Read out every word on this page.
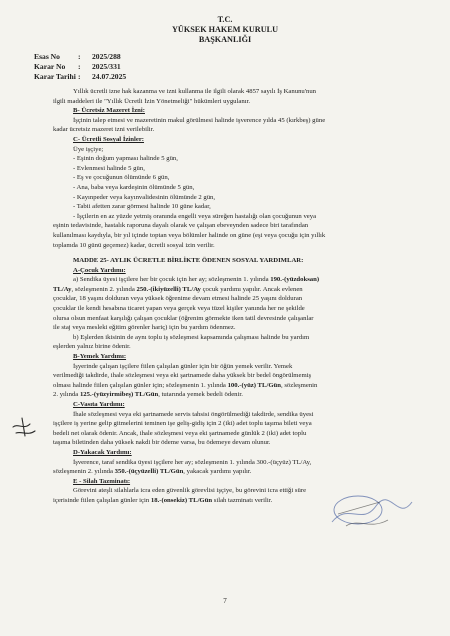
T.C.
YÜKSEK HAKEM KURULU
BAŞKANLIĞI
Esas No : 2025/288
Karar No : 2025/331
Karar Tarihi : 24.07.2025

Yıllık ücretli izne hak kazanma ve izni kullanma ile ilgili olarak 4857 sayılı İş Kanunu'nun

ilgili maddeleri ile "Yıllık Ücretli İzin Yönetmeliği" hükümleri uygulanır.

B- Ücretsiz Mazeret İzni:

İşçinin talep etmesi ve mazeretinin makul görülmesi halinde işverence yılda 45 (kırkbeş) güne

kadar ücretsiz mazeret izni verilebilir.

C- Ücretli Sosyal İzinler:

Üye işçiye;

- Eşinin doğum yapması halinde 5 gün,

- Evlenmesi halinde 5 gün,

- Eş ve çocuğunun ölümünde 6 gün,

- Ana, baba veya kardeşinin ölümünde 5 gün,

- Kayınpeder veya kayınvalidesinin ölümünde 2 gün,

- Tabii afetten zarar görmesi halinde 10 güne kadar,

- İşçilerin en az yüzde yetmiş oranında engelli veya süreğen hastalığı olan çocuğunun veya

eşinin tedavisinde, hastalık raporuna dayalı olarak ve çalışan ebeveynden sadece biri tarafından

kullanılması kaydıyla, bir yıl içinde toptan veya bölümler halinde on güne (eşi veya çocuğu için yıllık

toplamda 10 günü geçemez) kadar, ücretli sosyal izin verilir.

MADDE 25- AYLIK ÜCRETLE BİRLİKTE ÖDENEN SOSYAL YARDIMLAR:

A-Çocuk Yardımı:

a) Sendika üyesi işçilere her bir çocuk için her ay; sözleşmenin 1. yılında 190.-(yüzdoksan)

TL/Ay, sözleşmenin 2. yılında 250.-(ikiyüzelli) TL/Ay çocuk yardımı yapılır. Ancak evlenen

çocuklar, 18 yaşını dolduran veya yüksek öğrenime devam etmesi halinde 25 yaşını dolduran

çocuklar ile kendi hesabına ticaret yapan veya gerçek veya tüzel kişiler yanında her ne şekilde

olursa olsun menfaat karşılığı çalışan çocuklar (öğrenim görmekte iken tatil devresinde çalışanlar

ile staj veya mesleki eğitim görenler hariç) için bu yardım ödenmez.

b) Eşlerden ikisinin de aynı toplu iş sözleşmesi kapsamında çalışması halinde bu yardım

eşlerden yalnız birine ödenir.

B-Yemek Yardımı:

İşyerinde çalışan işçilere fiilen çalışılan günler için bir öğün yemek verilir. Yemek

verilmediği takdirde, ihale sözleşmesi veya eki şartnamede daha yüksek bir bedel öngörülmemiş

olması halinde fiilen çalışılan günler için; sözleşmenin 1. yılında 100.-(yüz) TL/Gün, sözleşmenin

2. yılında 125.-(yüzyirmibeş) TL/Gün, tutarında yemek bedeli ödenir.

C-Vasıta Yardımı:

İhale sözleşmesi veya eki şartnamede servis tahsisi öngörülmediği takdirde, sendika üyesi

işçilere iş yerine gelip gitmelerini teminen işe geliş-gidiş için 2 (iki) adet toplu taşıma bileti veya

bedeli net olarak ödenir. Ancak, ihale sözleşmesi veya eki şartnamede günlük 2 (iki) adet toplu

taşıma biletinden daha yüksek nakdi bir ödeme varsa, bu ödemeye devam olunur.

D-Yakacak Yardımı:

İşverence, taraf sendika üyesi işçilere her ay; sözleşmenin 1. yılında 300.-(üçyüz) TL/Ay,

sözleşmenin 2. yılında 350.-(üçyüzelli) TL/Gün, yakacak yardımı yapılır.

E - Silah Tazminatı:

Görevini ateşli silahlarla icra eden güvenlik görevlisi işçiye, bu görevini icra ettiği süre

içerisinde fiilen çalışılan günler için 18.-(onsekiz) TL/Gün silah tazminatı verilir.

7
